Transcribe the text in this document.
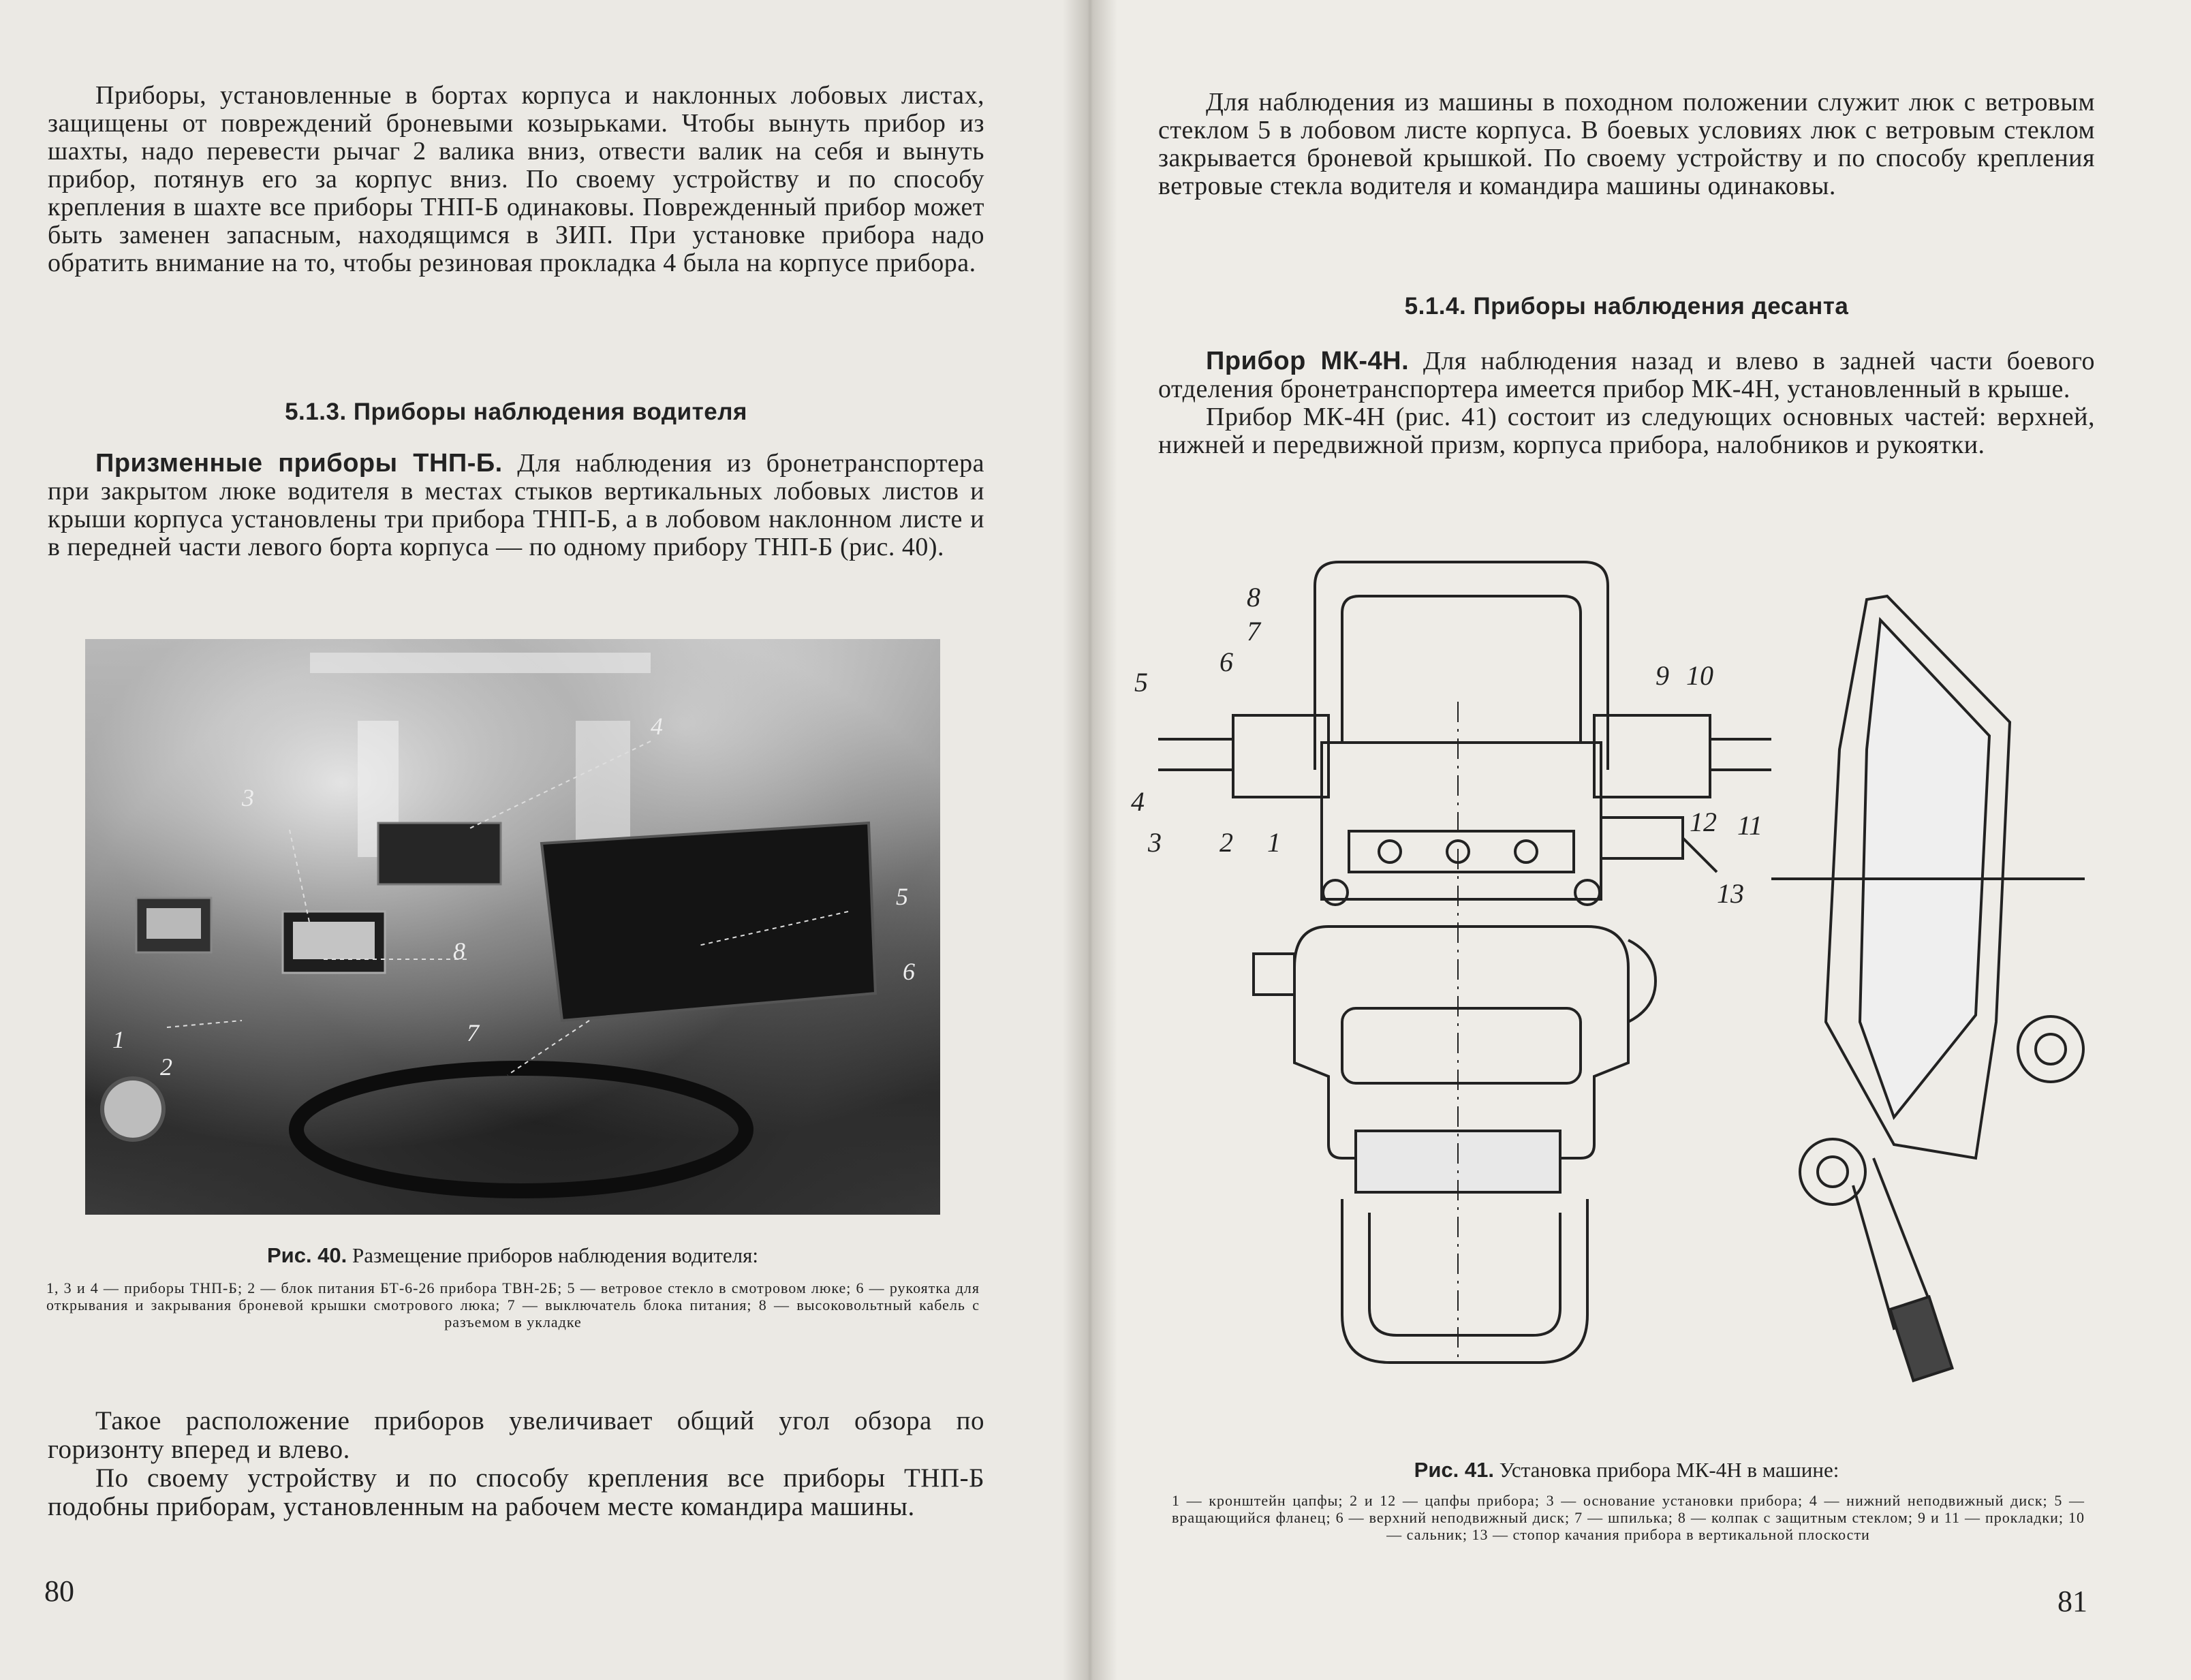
Приборы, установленные в бортах корпуса и наклонных лобовых листах, защищены от повреждений броневыми козырьками. Чтобы вынуть прибор из шахты, надо перевести рычаг 2 валика вниз, отвести валик на себя и вынуть прибор, потянув его за корпус вниз. По своему устройству и по способу крепления в шахте все приборы ТНП-Б одинаковы. Поврежденный прибор может быть заменен запасным, находящимся в ЗИП. При установке прибора надо обратить внимание на то, чтобы резиновая прокладка 4 была на корпусе прибора.

5.1.3. Приборы наблюдения водителя

Призменные приборы ТНП-Б. Для наблюдения из бронетранспортера при закрытом люке водителя в местах стыков вертикальных лобовых листов и крыши корпуса установлены три прибора ТНП-Б, а в лобовом наклонном листе и в передней части левого борта корпуса — по одному прибору ТНП-Б (рис. 40).

1
2
3
4
5
6
7
8
Рис. 40. Размещение приборов наблюдения водителя:
1, 3 и 4 — приборы ТНП-Б; 2 — блок питания БТ-6-26 прибора ТВН-2Б; 5 — ветровое стекло в смотровом люке; 6 — рукоятка для открывания и закрывания броневой крышки смотрового люка; 7 — выключатель блока питания; 8 — высоковольтный кабель с разъемом в укладке

Такое расположение приборов увеличивает общий угол обзора по горизонту вперед и влево.

По своему устройству и по способу крепления все приборы ТНП-Б подобны приборам, установленным на рабочем месте командира машины.

80

Для наблюдения из машины в походном положении служит люк с ветровым стеклом 5 в лобовом листе корпуса. В боевых условиях люк с ветровым стеклом закрывается броневой крышкой. По своему устройству и по способу крепления ветровые стекла водителя и командира машины одинаковы.

5.1.4. Приборы наблюдения десанта

Прибор МК-4Н. Для наблюдения назад и влево в задней части боевого отделения бронетранспортера имеется прибор МК-4Н, установленный в крыше.

Прибор МК-4Н (рис. 41) состоит из следующих основных частей: верхней, нижней и передвижной призм, корпуса прибора, налобников и рукоятки.

8
7
6
5	9 10
4
3 2 1
12 11
13
Рис. 41. Установка прибора МК-4Н в машине:
1 — кронштейн цапфы; 2 и 12 — цапфы прибора; 3 — основание установки прибора; 4 — нижний неподвижный диск; 5 — вращающийся фланец; 6 — верхний неподвижный диск; 7 — шпилька; 8 — колпак с защитным стеклом; 9 и 11 — прокладки; 10 — сальник; 13 — стопор качания прибора в вертикальной плоскости
81
